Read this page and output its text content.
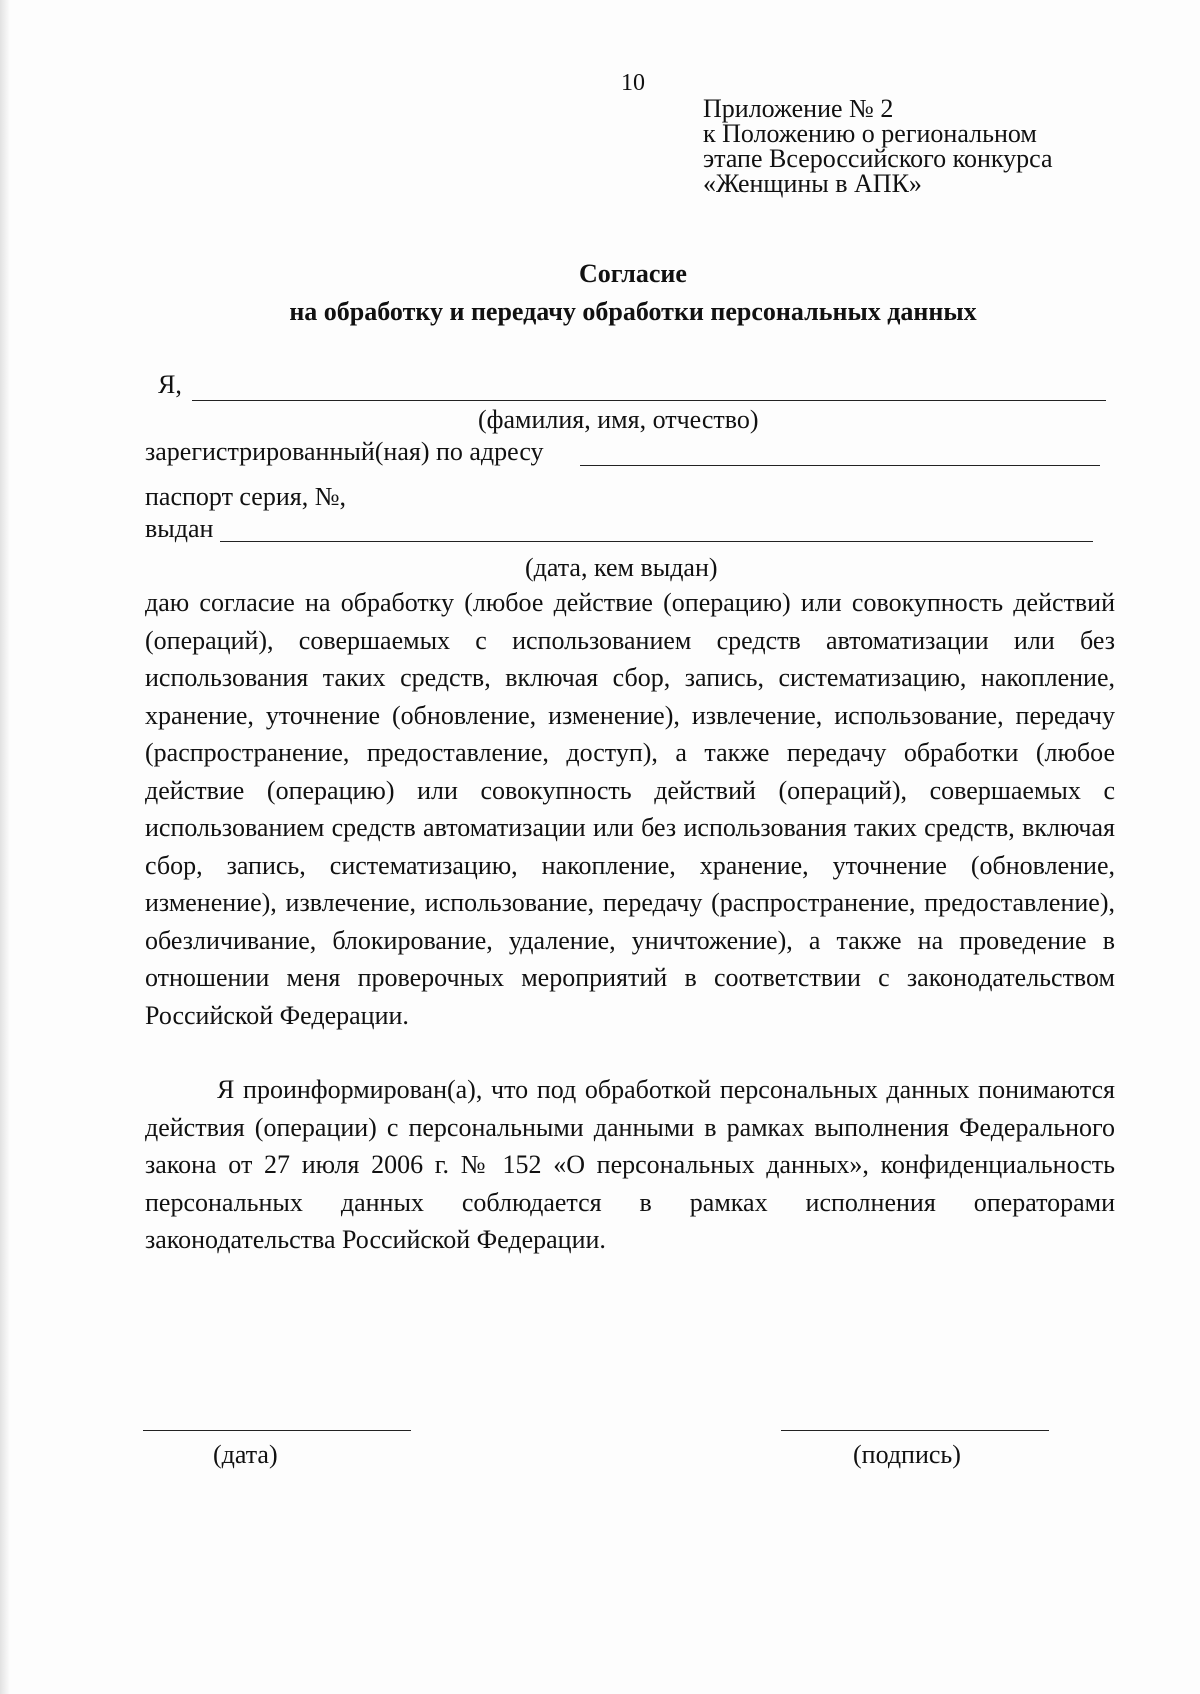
10
Приложение № 2
к Положению о региональном
этапе Всероссийского конкурса
«Женщины в АПК»
Согласие
на обработку и передачу обработки персональных данных
Я,
(фамилия, имя, отчество)
зарегистрированный(ная) по адресу
паспорт серия, №,
выдан
(дата, кем выдан)
даю согласие на обработку (любое действие (операцию) или совокупность действий (операций), совершаемых с использованием средств автоматизации или без использования таких средств, включая сбор, запись, систематизацию, накопление, хранение, уточнение (обновление, изменение), извлечение, использование, передачу (распространение, предоставление, доступ), а также передачу обработки (любое действие (операцию) или совокупность действий (операций), совершаемых с использованием средств автоматизации или без использования таких средств, включая сбор, запись, систематизацию, накопление, хранение, уточнение (обновление, изменение), извлечение, использование, передачу (распространение, предоставление), обезличивание, блокирование, удаление, уничтожение), а также на проведение в отношении меня проверочных мероприятий в соответствии с законодательством Российской Федерации.
Я проинформирован(а), что под обработкой персональных данных понимаются действия (операции) с персональными данными в рамках выполнения Федерального закона от 27 июля 2006 г. № 152 «О персональных данных», конфиденциальность персональных данных соблюдается в рамках исполнения операторами законодательства Российской Федерации.
(дата)	(подпись)
